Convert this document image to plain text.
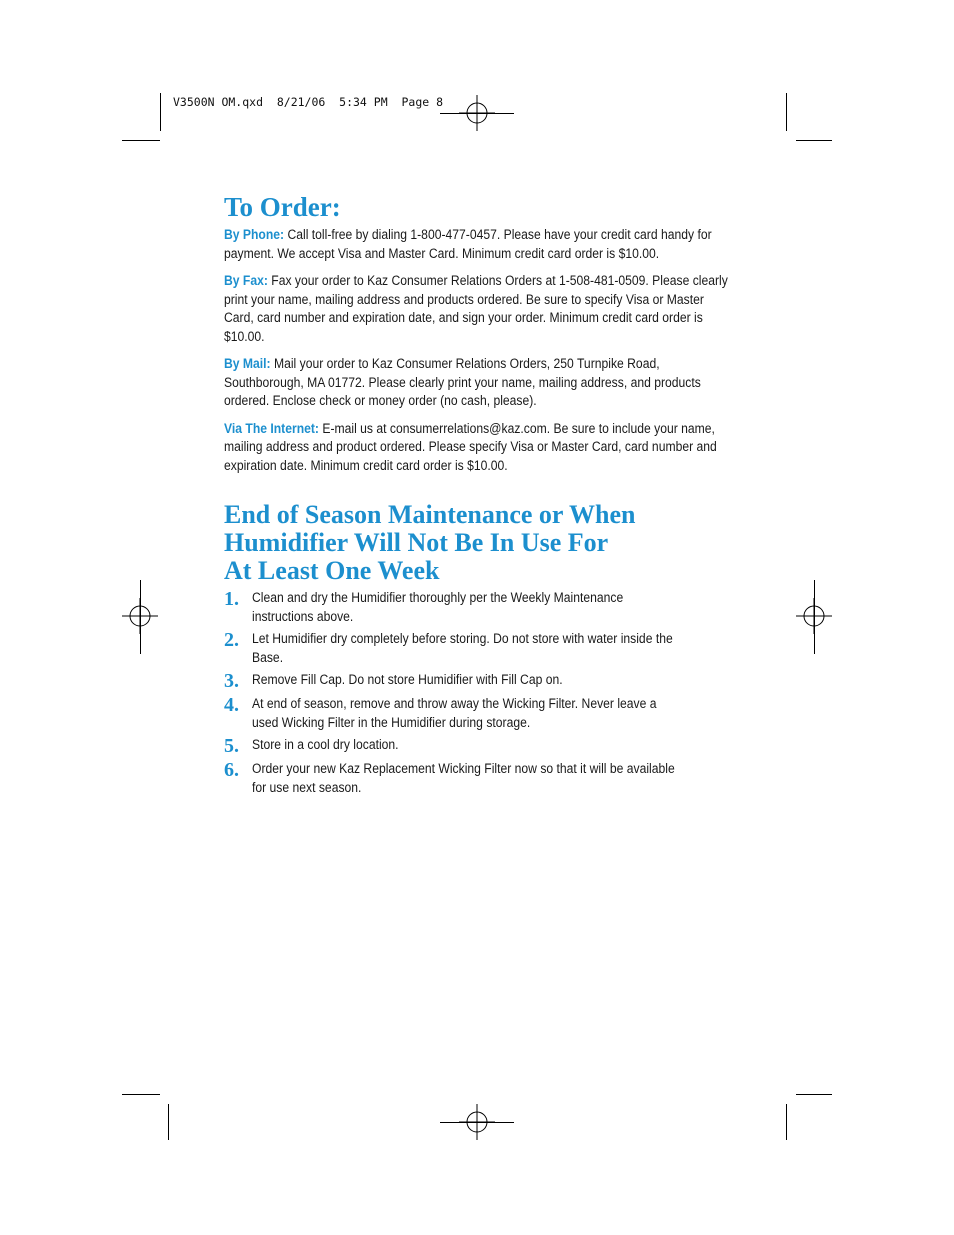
V3500N OM.qxd  8/21/06  5:34 PM  Page 8
To Order:

By Phone: Call toll-free by dialing 1-800-477-0457. Please have your credit card handy for payment. We accept Visa and Master Card. Minimum credit card order is $10.00.

By Fax: Fax your order to Kaz Consumer Relations Orders at 1-508-481-0509. Please clearly print your name, mailing address and products ordered. Be sure to specify Visa or Master Card, card number and expiration date, and sign your order. Minimum credit card order is $10.00.

By Mail: Mail your order to Kaz Consumer Relations Orders, 250 Turnpike Road, Southborough, MA 01772. Please clearly print your name, mailing address, and products ordered. Enclose check or money order (no cash, please).

Via The Internet: E-mail us at consumerrelations@kaz.com. Be sure to include your name, mailing address and product ordered. Please specify Visa or Master Card, card number and expiration date. Minimum credit card order is $10.00.

End of Season Maintenance or When
Humidifier Will Not Be In Use For
At Least One Week
1. Clean and dry the Humidifier thoroughly per the Weekly Maintenance instructions above.
2. Let Humidifier dry completely before storing. Do not store with water inside the Base.
3. Remove Fill Cap. Do not store Humidifier with Fill Cap on.
4. At end of season, remove and throw away the Wicking Filter. Never leave a used Wicking Filter in the Humidifier during storage.
5. Store in a cool dry location.
6. Order your new Kaz Replacement Wicking Filter now so that it will be available for use next season.
